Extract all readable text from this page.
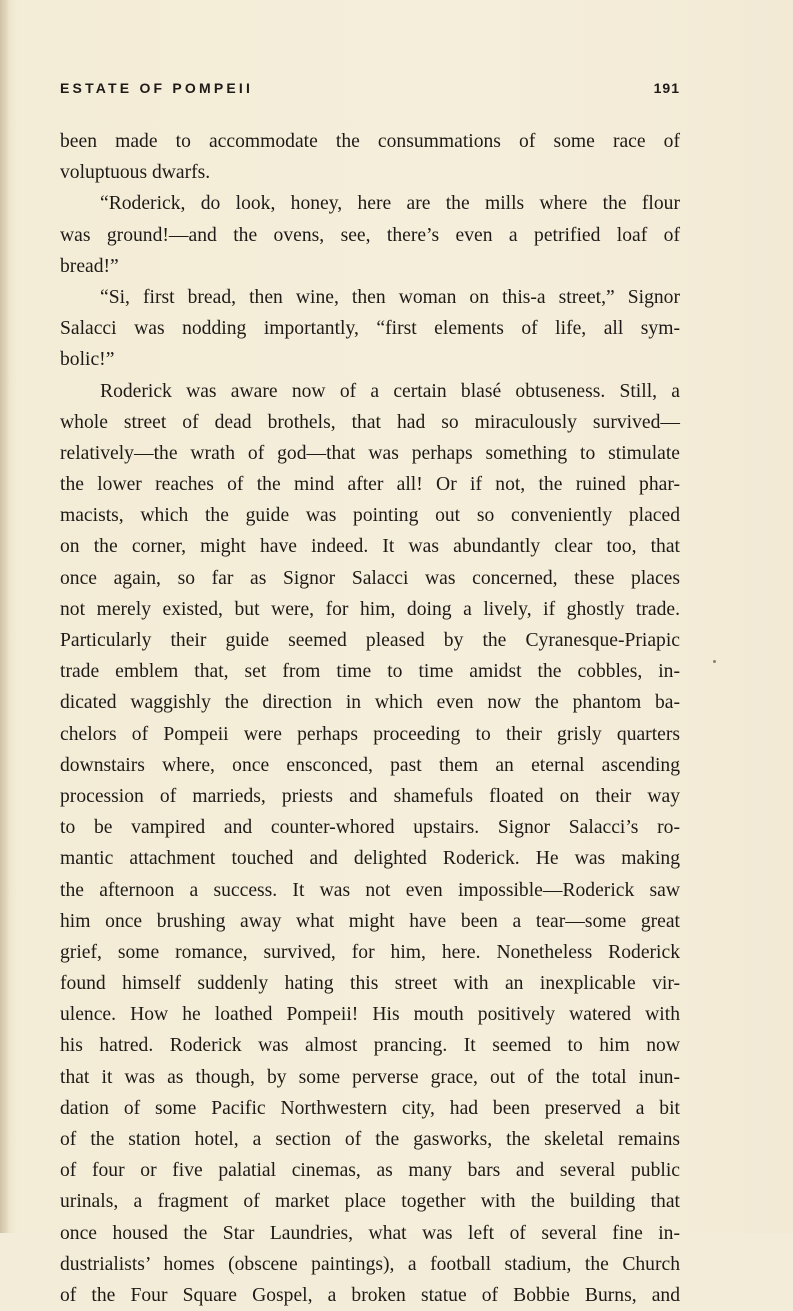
ESTATE OF POMPEII	191
been made to accommodate the consummations of some race of
voluptuous dwarfs.
“Roderick, do look, honey, here are the mills where the flour
was ground!—and the ovens, see, there’s even a petrified loaf of
bread!”
“Si, first bread, then wine, then woman on this-a street,” Signor
Salacci was nodding importantly, “first elements of life, all sym-
bolic!”
Roderick was aware now of a certain blasé obtuseness. Still, a
whole street of dead brothels, that had so miraculously survived—
relatively—the wrath of god—that was perhaps something to stimulate
the lower reaches of the mind after all! Or if not, the ruined phar-
macists, which the guide was pointing out so conveniently placed
on the corner, might have indeed. It was abundantly clear too, that
once again, so far as Signor Salacci was concerned, these places
not merely existed, but were, for him, doing a lively, if ghostly trade.
Particularly their guide seemed pleased by the Cyranesque-Priapic
trade emblem that, set from time to time amidst the cobbles, in-
dicated waggishly the direction in which even now the phantom ba-
chelors of Pompeii were perhaps proceeding to their grisly quarters
downstairs where, once ensconced, past them an eternal ascending
procession of marrieds, priests and shamefuls floated on their way
to be vampired and counter-whored upstairs. Signor Salacci’s ro-
mantic attachment touched and delighted Roderick. He was making
the afternoon a success. It was not even impossible—Roderick saw
him once brushing away what might have been a tear—some great
grief, some romance, survived, for him, here. Nonetheless Roderick
found himself suddenly hating this street with an inexplicable vir-
ulence. How he loathed Pompeii! His mouth positively watered with
his hatred. Roderick was almost prancing. It seemed to him now
that it was as though, by some perverse grace, out of the total inun-
dation of some Pacific Northwestern city, had been preserved a bit
of the station hotel, a section of the gasworks, the skeletal remains
of four or five palatial cinemas, as many bars and several public
urinals, a fragment of market place together with the building that
once housed the Star Laundries, what was left of several fine in-
dustrialists’ homes (obscene paintings), a football stadium, the Church
of the Four Square Gospel, a broken statue of Bobbie Burns, and
